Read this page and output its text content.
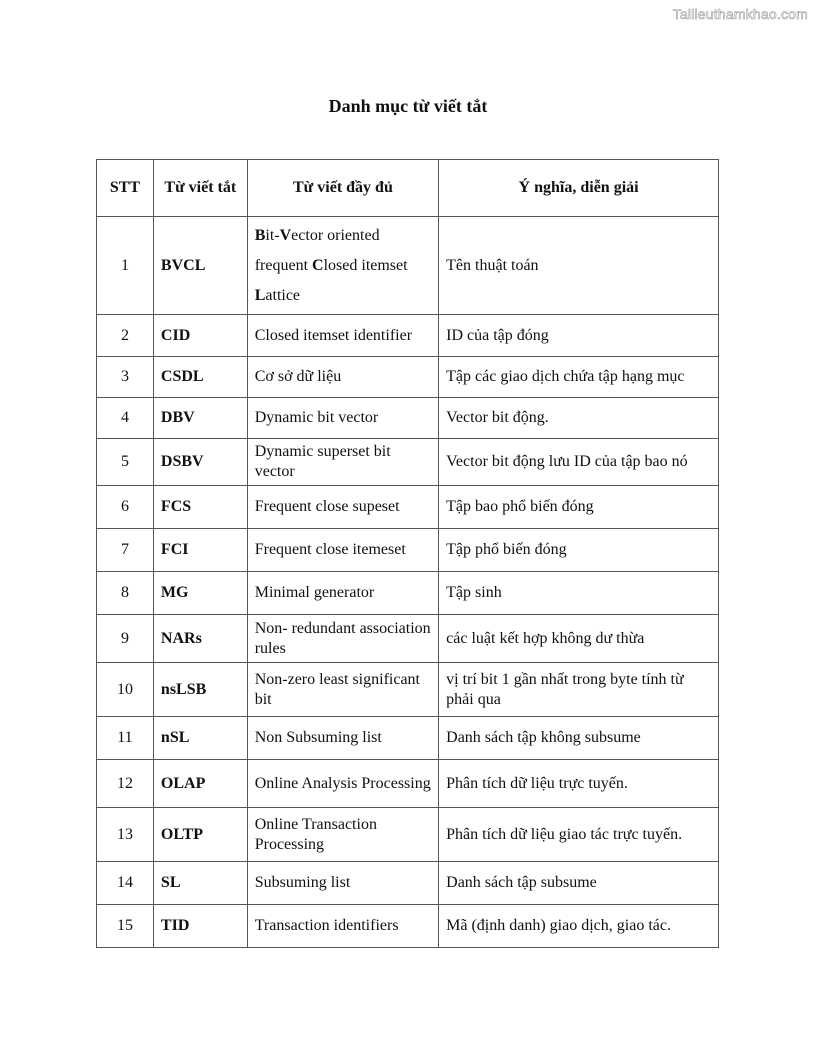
Tailieuthamkhao.com
Danh mục từ viết tắt
STT	Từ viết tắt	Từ viết đầy đủ	Ý nghĩa, diễn giải
1	BVCL	Bit-Vector oriented frequent Closed itemset Lattice	Tên thuật toán
2	CID	Closed itemset identifier	ID của tập đóng
3	CSDL	Cơ sở dữ liệu	Tập các giao dịch chứa tập hạng mục
4	DBV	Dynamic bit vector	Vector bit động.
5	DSBV	Dynamic superset bit vector	Vector bit động lưu ID của tập bao nó
6	FCS	Frequent close supeset	Tập bao phổ biến đóng
7	FCI	Frequent close itemeset	Tập phổ biến đóng
8	MG	Minimal generator	Tập sinh
9	NARs	Non- redundant association rules	các luật kết hợp không dư thừa
10	nsLSB	Non-zero least significant bit	vị trí bit 1 gần nhất trong byte tính từ phải qua
11	nSL	Non Subsuming list	Danh sách tập không subsume
12	OLAP	Online Analysis Processing	Phân tích dữ liệu trực tuyến.
13	OLTP	Online Transaction Processing	Phân tích dữ liệu giao tác trực tuyến.
14	SL	Subsuming list	Danh sách tập subsume
15	TID	Transaction identifiers	Mã (định danh) giao dịch, giao tác.
